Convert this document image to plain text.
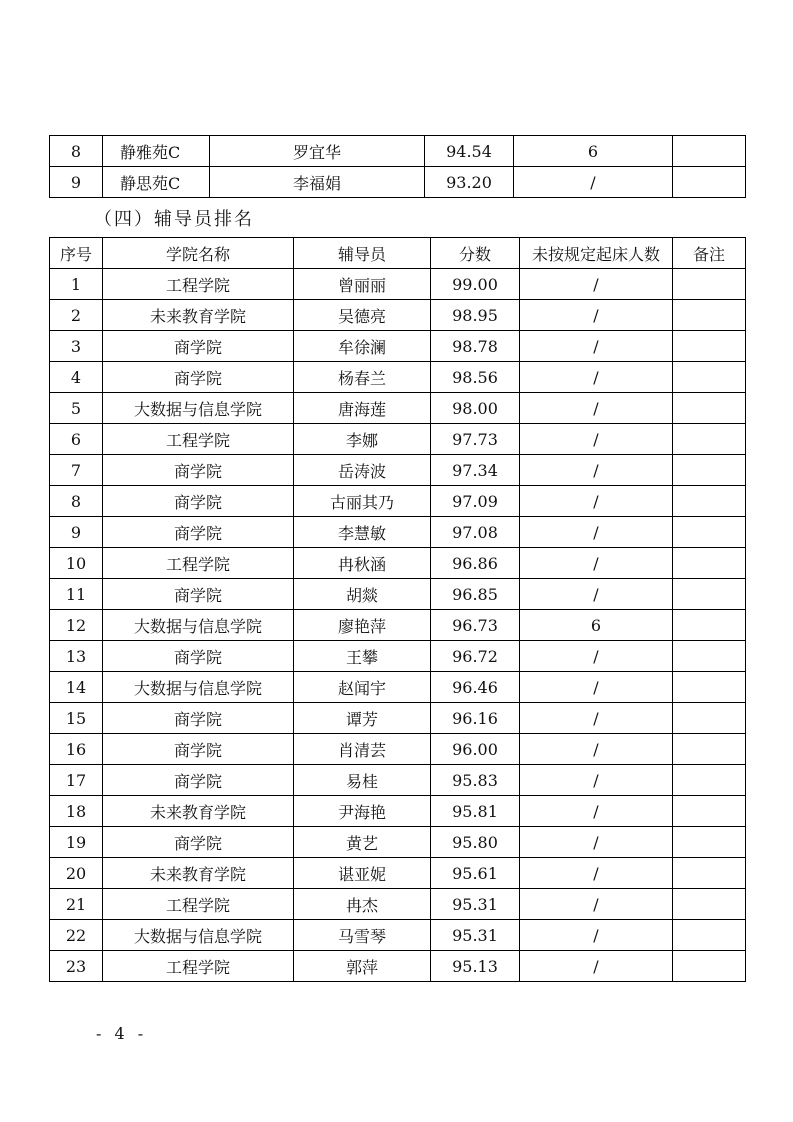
8	静雅苑C	罗宜华	94.54	6	
9	静思苑C	李福娟	93.20	/	
（四）辅导员排名
序号	学院名称	辅导员	分数	未按规定起床人数	备注
1	工程学院	曾丽丽	99.00	/	
2	未来教育学院	吴德亮	98.95	/	
3	商学院	牟徐澜	98.78	/	
4	商学院	杨春兰	98.56	/	
5	大数据与信息学院	唐海莲	98.00	/	
6	工程学院	李娜	97.73	/	
7	商学院	岳涛波	97.34	/	
8	商学院	古丽其乃	97.09	/	
9	商学院	李慧敏	97.08	/	
10	工程学院	冉秋涵	96.86	/	
11	商学院	胡燚	96.85	/	
12	大数据与信息学院	廖艳萍	96.73	6	
13	商学院	王攀	96.72	/	
14	大数据与信息学院	赵闻宇	96.46	/	
15	商学院	谭芳	96.16	/	
16	商学院	肖清芸	96.00	/	
17	商学院	易桂	95.83	/	
18	未来教育学院	尹海艳	95.81	/	
19	商学院	黄艺	95.80	/	
20	未来教育学院	谌亚妮	95.61	/	
21	工程学院	冉杰	95.31	/	
22	大数据与信息学院	马雪琴	95.31	/	
23	工程学院	郭萍	95.13	/	
- 4 -
